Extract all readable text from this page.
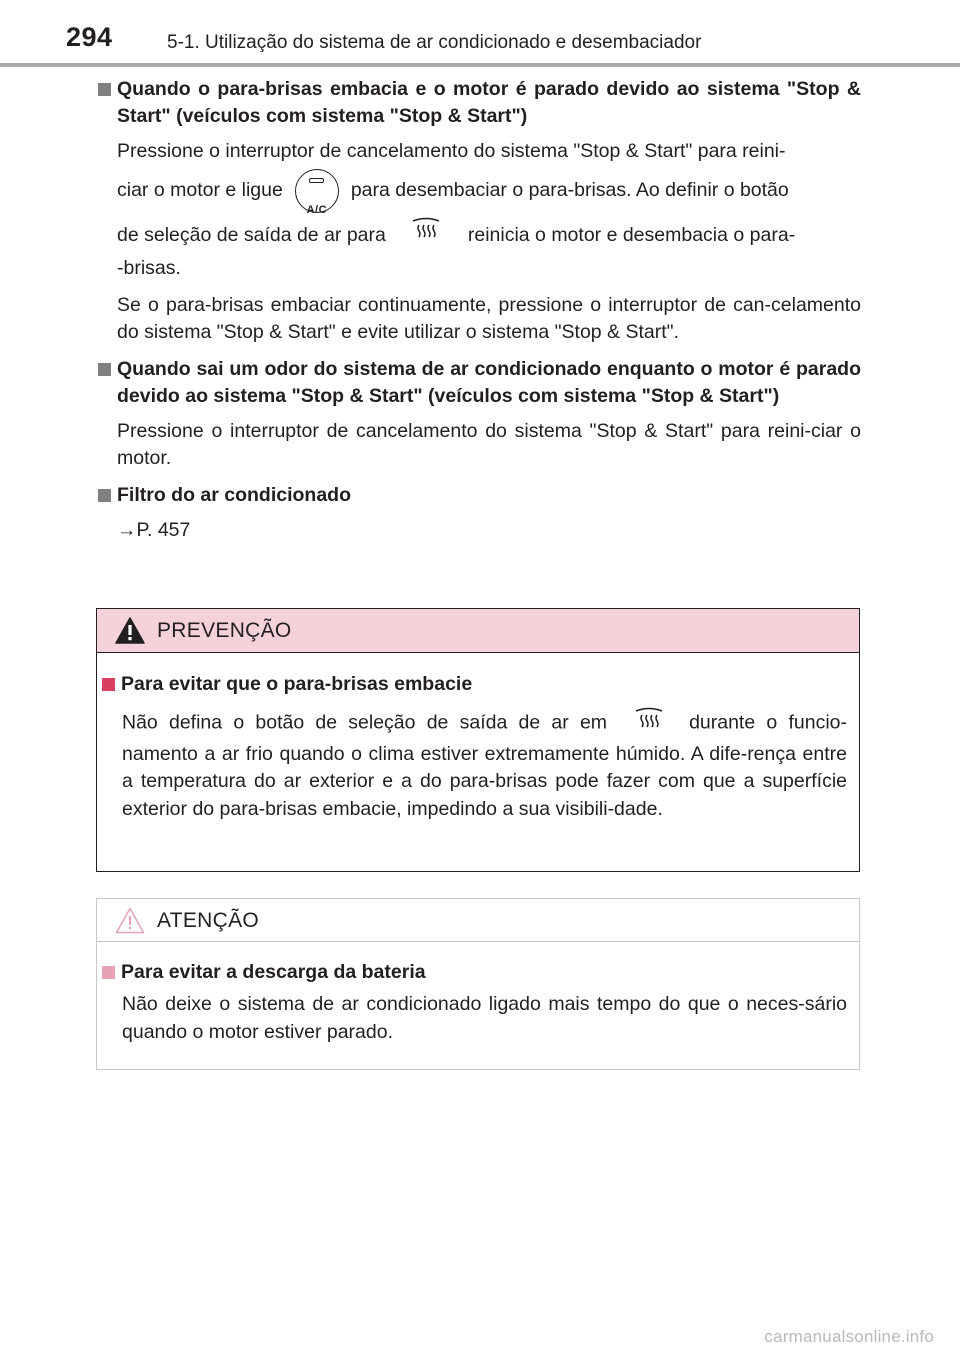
294	5-1. Utilização do sistema de ar condicionado e desembaciador
Quando o para-brisas embacia e o motor é parado devido ao sistema "Stop & Start" (veículos com sistema "Stop & Start")
Pressione o interruptor de cancelamento do sistema "Stop & Start" para reini-
ciar o motor e ligue
A/C
para desembaciar o para-brisas. Ao definir o botão
de seleção de saída de ar para	reinicia o motor e desembacia o para-
-brisas.
Se o para-brisas embaciar continuamente, pressione o interruptor de can-celamento do sistema "Stop & Start" e evite utilizar o sistema "Stop & Start".
Quando sai um odor do sistema de ar condicionado enquanto o motor é parado devido ao sistema "Stop & Start" (veículos com sistema "Stop & Start")
Pressione o interruptor de cancelamento do sistema "Stop & Start" para reini-ciar o motor.
Filtro do ar condicionado
→P. 457
PREVENÇÃO
Para evitar que o para-brisas embacie
Não defina o botão de seleção de saída de ar em	durante o funcio-namento a ar frio quando o clima estiver extremamente húmido. A dife-rença entre a temperatura do ar exterior e a do para-brisas pode fazer com que a superfície exterior do para-brisas embacie, impedindo a sua visibili-dade.
ATENÇÃO
Para evitar a descarga da bateria
Não deixe o sistema de ar condicionado ligado mais tempo do que o neces-sário quando o motor estiver parado.
carmanualsonline.info
